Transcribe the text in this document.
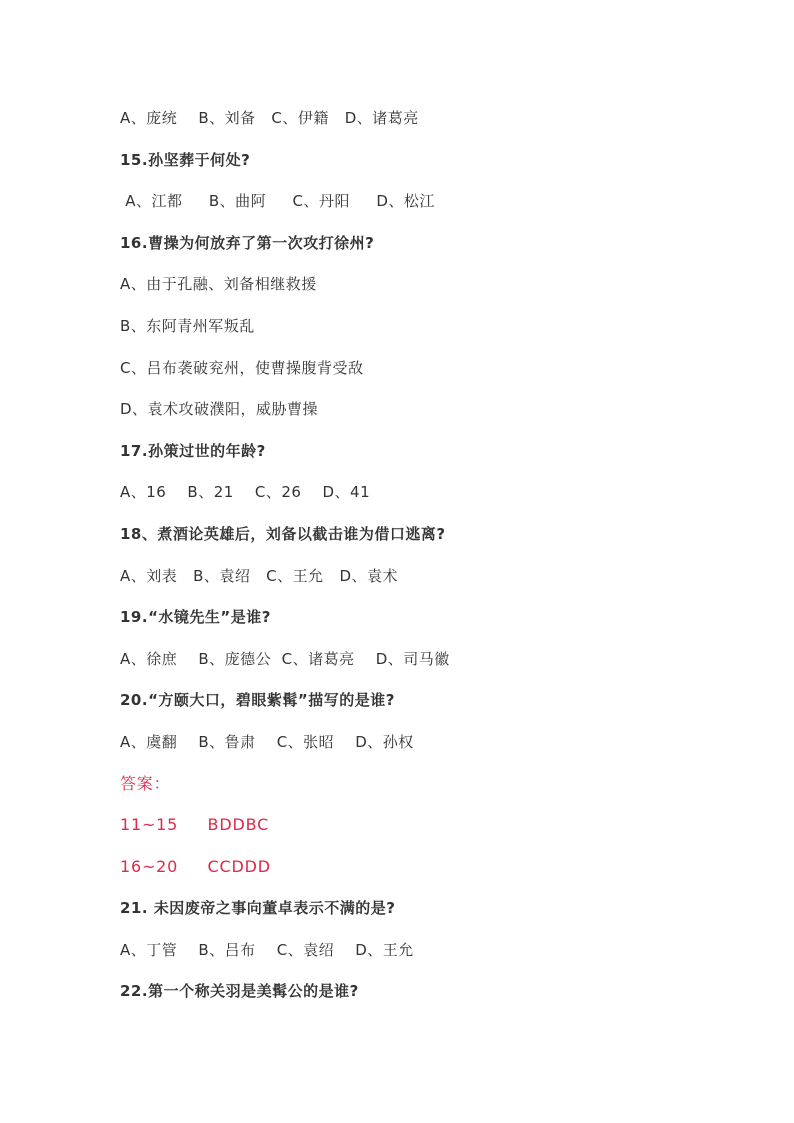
A、庞统    B、刘备   C、伊籍   D、诸葛亮
15.孙坚葬于何处?
A、江都     B、曲阿     C、丹阳     D、松江
16.曹操为何放弃了第一次攻打徐州?
A、由于孔融、刘备相继救援
B、东阿青州军叛乱
C、吕布袭破兖州，使曹操腹背受敌
D、袁术攻破濮阳，威胁曹操
17.孙策过世的年龄?
A、16    B、21    C、26    D、41
18、煮酒论英雄后，刘备以截击谁为借口逃离?
A、刘表   B、袁绍   C、王允   D、袁术
19.“水镜先生”是谁?
A、徐庶    B、庞德公  C、诸葛亮    D、司马徽
20.“方颐大口，碧眼紫髯”描写的是谁?
A、虞翻    B、鲁肃    C、张昭    D、孙权
答案：
11~15     BDDBC
16~20     CCDDD
21. 未因废帝之事向董卓表示不满的是?
A、丁管    B、吕布    C、袁绍    D、王允
22.第一个称关羽是美髯公的是谁?
